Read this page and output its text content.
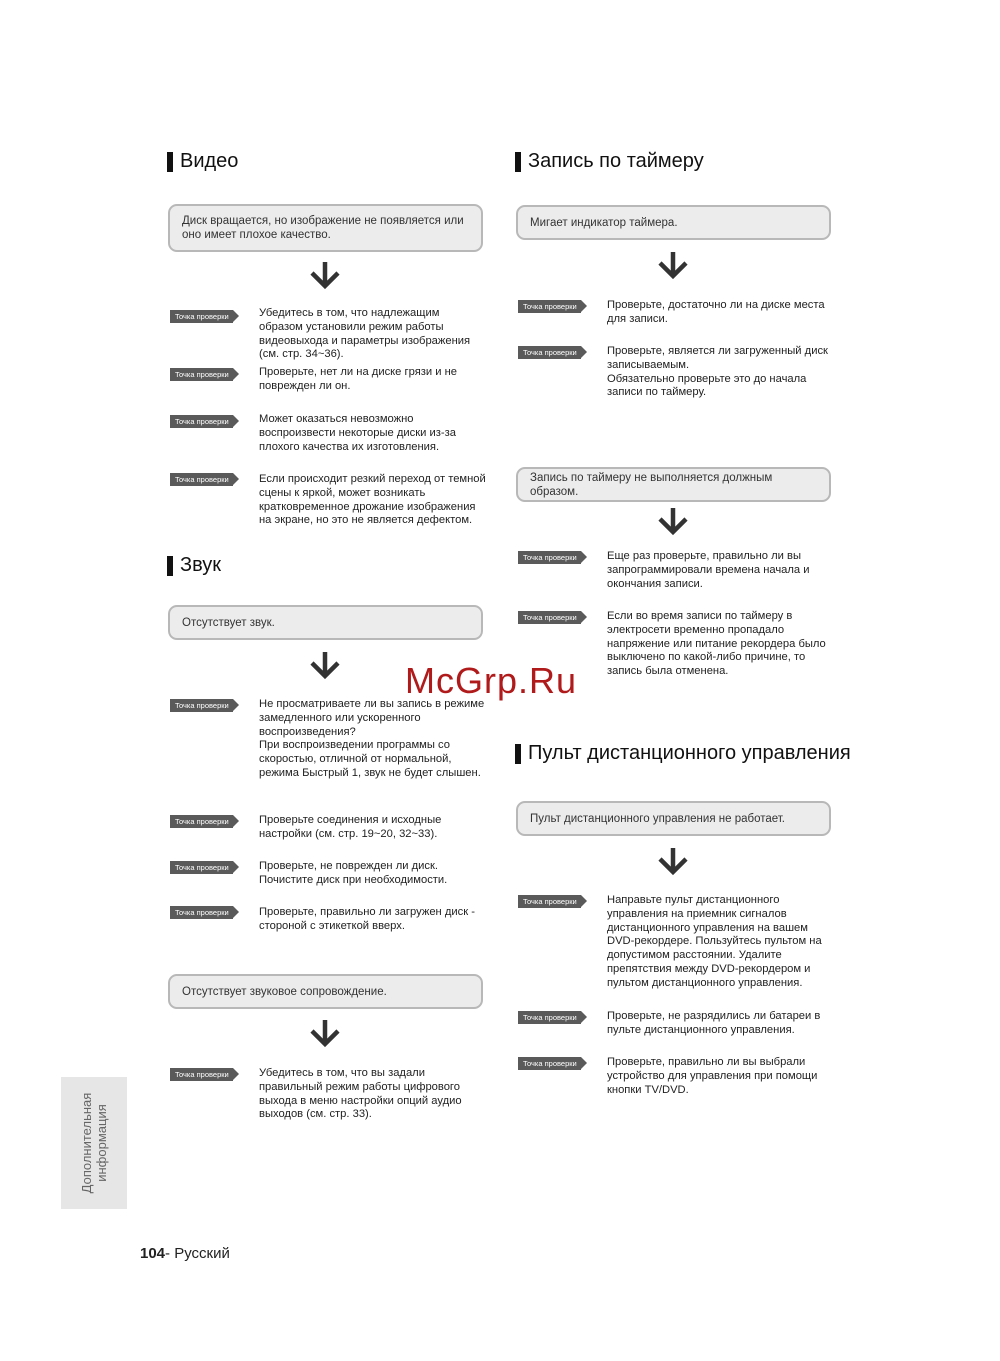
Видео
Диск вращается, но изображение не появляется или оно имеет плохое качество.
Точка проверки 1
Убедитесь в том, что надлежащим образом установили режим работы видеовыхода и параметры изображения (см. стр. 34~36).
Точка проверки 2
Проверьте, нет ли на диске грязи и не поврежден ли он.
Точка проверки 3
Может оказаться невозможно воспроизвести некоторые диски из-за плохого качества их изготовления.
Точка проверки 4
Если происходит резкий переход от темной сцены к яркой, может возникать кратковременное дрожание изображения на экране, но это не является дефектом.
Звук
Отсутствует звук.
Точка проверки 1
Не просматриваете ли вы запись в режиме замедленного или ускоренного воспроизведения?
При воспроизведении программы со скоростью, отличной от нормальной, режима Быстрый 1, звук не будет слышен.
Точка проверки 2
Проверьте соединения и исходные настройки (см. стр. 19~20, 32~33).
Точка проверки 3
Проверьте, не поврежден ли диск. Почистите диск при необходимости.
Точка проверки 4
Проверьте, правильно ли загружен диск - стороной с этикеткой вверх.
Отсутствует звуковое сопровождение.
Точка проверки 1
Убедитесь в том, что вы задали правильный режим работы цифрового выхода в меню настройки опций аудио выходов (см. стр. 33).
Запись по таймеру
Мигает индикатор таймера.
Точка проверки 1
Проверьте, достаточно ли на диске места для записи.
Точка проверки 2
Проверьте, является ли загруженный диск записываемым.
Обязательно проверьте это до начала записи по таймеру.
Запись по таймеру не выполняется должным образом.
Точка проверки 1
Еще раз проверьте, правильно ли вы запрограммировали времена начала и окончания записи.
Точка проверки 2
Если во время записи по таймеру в электросети временно пропадало напряжение или питание рекордера было выключено по какой-либо причине, то запись была отменена.
Пульт дистанционного управления
Пульт дистанционного управления не работает.
Точка проверки 1
Направьте пульт дистанционного управления на приемник сигналов дистанционного управления на вашем DVD-рекордере. Пользуйтесь пультом на допустимом расстоянии. Удалите препятствия между DVD-рекордером и пультом дистанционного управления.
Точка проверки 2
Проверьте, не разрядились ли батареи в пульте дистанционного управления.
Точка проверки 3
Проверьте, правильно ли вы выбрали устройство для управления при помощи кнопки TV/DVD.
McGrp.Ru
Дополнительная
информация
104- Русский
